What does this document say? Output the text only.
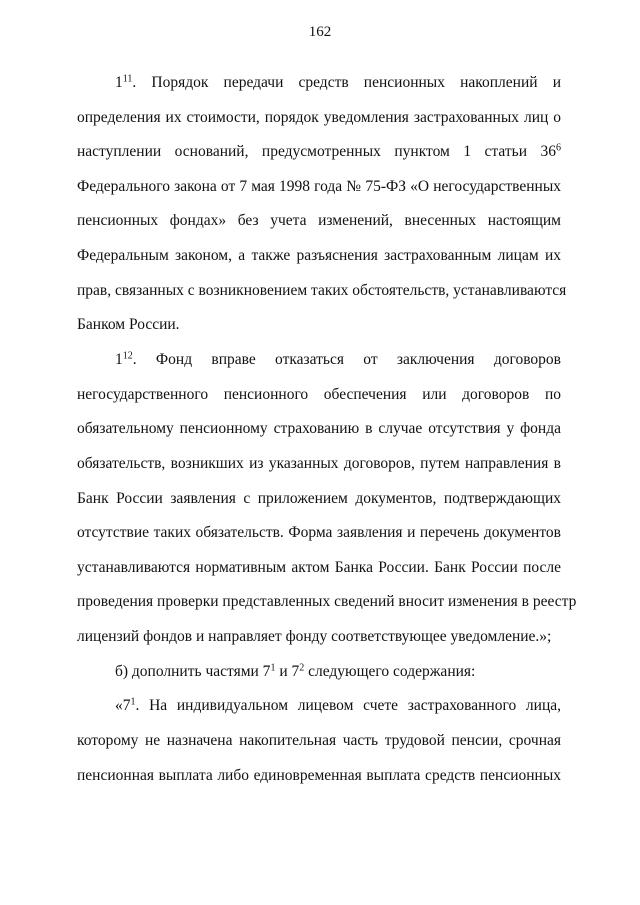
162
$1^{11}$. Порядок передачи средств пенсионных накоплений и
определения их стоимости, порядок уведомления застрахованных лиц о
наступлении оснований, предусмотренных пунктом 1 статьи $36^6$
Федерального закона от 7 мая 1998 года № 75-ФЗ «О негосударственных
пенсионных фондах» без учета изменений, внесенных настоящим
Федеральным законом, а также разъяснения застрахованным лицам их
прав, связанных с возникновением таких обстоятельств, устанавливаются
Банком России.
$1^{12}$. Фонд вправе отказаться от заключения договоров
негосударственного пенсионного обеспечения или договоров по
обязательному пенсионному страхованию в случае отсутствия у фонда
обязательств, возникших из указанных договоров, путем направления в
Банк России заявления с приложением документов, подтверждающих
отсутствие таких обязательств. Форма заявления и перечень документов
устанавливаются нормативным актом Банка России. Банк России после
проведения проверки представленных сведений вносит изменения в реестр
лицензий фондов и направляет фонду соответствующее уведомление.»;
б) дополнить частями $7^1$ и $7^2$ следующего содержания:
«$7^1$. На индивидуальном лицевом счете застрахованного лица,
которому не назначена накопительная часть трудовой пенсии, срочная
пенсионная выплата либо единовременная выплата средств пенсионных
